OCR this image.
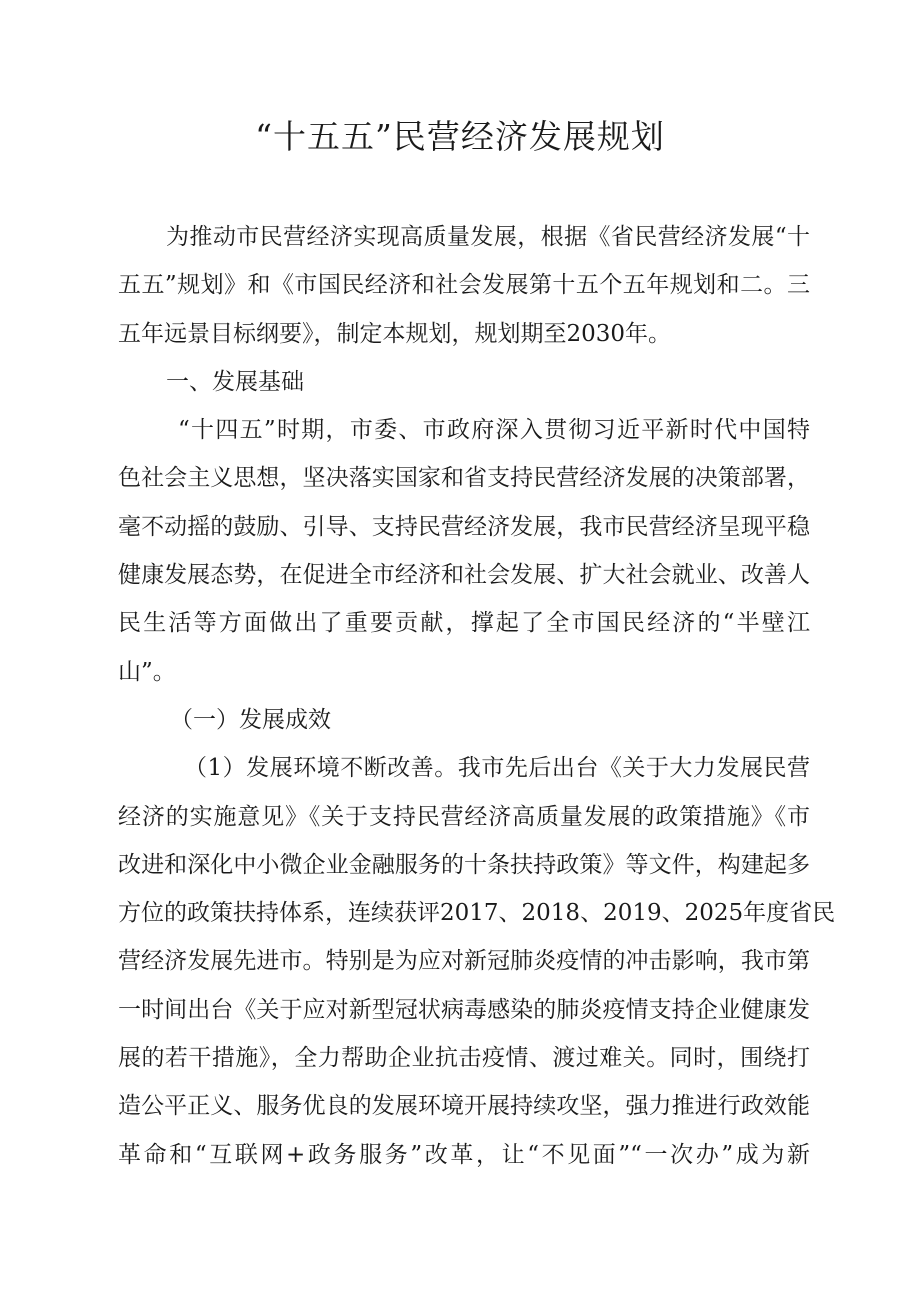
“十五五”民营经济发展规划
为推动市民营经济实现高质量发展，根据《省民营经济发展“十
五五”规划》和《市国民经济和社会发展第十五个五年规划和二。三
五年远景目标纲要》，制定本规划，规划期至2030年。
一、发展基础
“十四五”时期，市委、市政府深入贯彻习近平新时代中国特
色社会主义思想，坚决落实国家和省支持民营经济发展的决策部署，
毫不动摇的鼓励、引导、支持民营经济发展，我市民营经济呈现平稳
健康发展态势，在促进全市经济和社会发展、扩大社会就业、改善人
民生活等方面做出了重要贡献，撑起了全市国民经济的“半壁江
山”。
（一）发展成效
（1）发展环境不断改善。我市先后出台《关于大力发展民营
经济的实施意见》《关于支持民营经济高质量发展的政策措施》《市
改进和深化中小微企业金融服务的十条扶持政策》等文件，构建起多
方位的政策扶持体系，连续获评2017、2018、2019、2025年度省民
营经济发展先进市。特别是为应对新冠肺炎疫情的冲击影响，我市第
一时间出台《关于应对新型冠状病毒感染的肺炎疫情支持企业健康发
展的若干措施》，全力帮助企业抗击疫情、渡过难关。同时，围绕打
造公平正义、服务优良的发展环境开展持续攻坚，强力推进行政效能
革命和“互联网+政务服务”改革，让“不见面”“一次办”成为新
